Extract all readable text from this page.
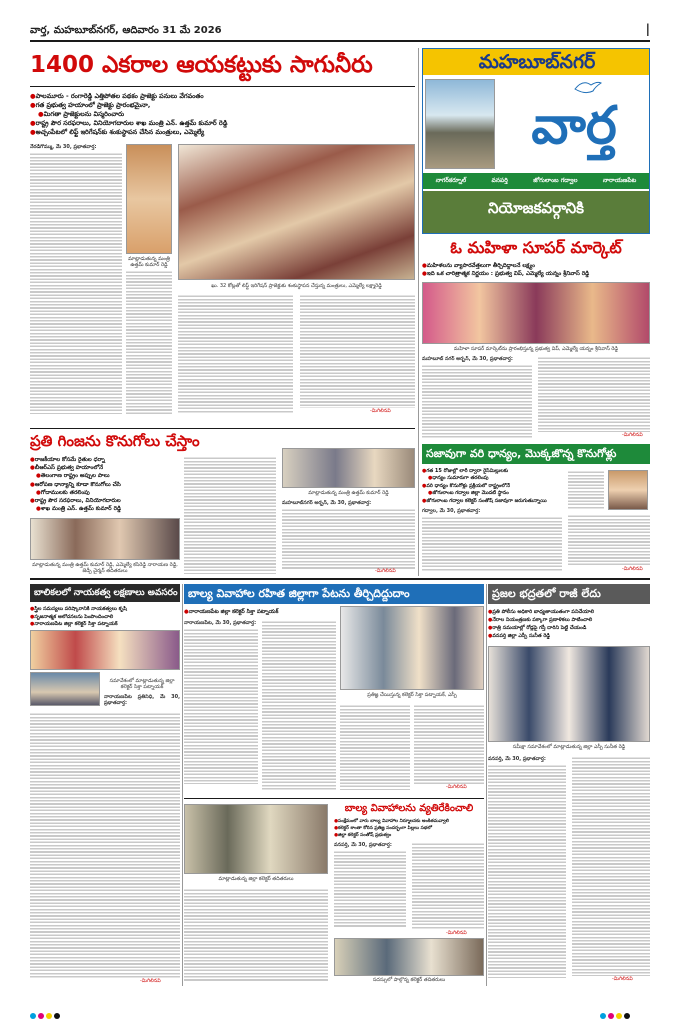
వార్త, మహబూబ్‌నగర్, ఆదివారం 31 మే 2026	|
1400 ఎకరాల ఆయకట్టుకు సాగునీరు
● పాలమూరు - రంగారెడ్డి ఎత్తిపోతల పథకం ప్రాజెక్టు పనులు వేగవంతం
● గత ప్రభుత్వ హయాంలో ప్రాజెక్టు ప్రారంభమైనా,
● మిగతా ప్రాజెక్టులను విస్మరించారు
● రాష్ట్ర పౌర సరఫరాలు, వినియోగదారుల శాఖ మంత్రి ఎన్. ఉత్తమ్ కుమార్ రెడ్డి
● అచ్చంపేటలో లిఫ్ట్ ఇరిగేషన్‌కు శంకుస్థాపన చేసిన మంత్రులు, ఎమ్మెల్యే
నేరడిగొమ్ము, మే 30, ప్రభాతవార్త:
మాట్లాడుతున్న మంత్రి ఉత్తమ్ కుమార్ రెడ్డి
ఖు. 32 కోట్లతో లిఫ్ట్ ఇరిగేషన్ ప్రాజెక్టుకు శంకుస్థాపన చేస్తున్న మంత్రులు, ఎమ్మెల్యే లక్ష్మారెడ్డి
-మిగిలినవి
మహబూబ్‌నగర్
వార్త
నాగర్‌కర్నూల్	వనపర్తి	జోగులాంబ గద్వాల	నారాయణపేట
నియోజకవర్గానికి
ఓ మహిళా సూపర్ మార్కెట్
● మహిళలను వ్యాపారవేత్తలుగా తీర్చిదిద్దాలనే లక్ష్యం
● ఇది ఒక చారిత్రాత్మక నిర్ణయం : ప్రభుత్వ విప్, ఎమ్మెల్యే యన్నం శ్రీనివాస్ రెడ్డి
మహిళా సూపర్ మార్కెట్‌ను ప్రారంభిస్తున్న ప్రభుత్వ విప్, ఎమ్మెల్యే యన్నం శ్రీనివాస్ రెడ్డి
మహబూబ్ నగర్ అర్బన్, మే 30, ప్రభాతవార్త:
-మిగిలినవి
ప్రతి గింజను కొనుగోలు చేస్తాం
● రాజకీయాల కోసమే రైతుల ధర్నా
● బీఆర్ఎస్ ప్రభుత్వ హయాంలోనే
● తెలంగాణ రాష్ట్రం అప్పుల పాలు
● ఆరోపణ ధాన్యాన్ని కూడా కొనుగోలు చేసి
● గోదాములకు తరలింపు
● రాష్ట్ర పౌర సరఫరాలు, వినియోగదారుల
● శాఖ మంత్రి ఎన్. ఉత్తమ్ కుమార్ రెడ్డి
మాట్లాడుతున్న మంత్రి ఉత్తమ్ కుమార్ రెడ్డి, ఎమ్మెల్యే కసిరెడ్డి నారాయణ రెడ్డి, జెడ్పీ చైర్మన్ తదితరులు
మాట్లాడుతున్న మంత్రి ఉత్తమ్ కుమార్ రెడ్డి
మహబూబ్‌నగర్ అర్బన్, మే 30, ప్రభాతవార్త:
-మిగిలినవి
సజావుగా వరి ధాన్యం, మొక్కజొన్న కొనుగోళ్లు
● గత 15 రోజుల్లో లారీ ద్వారా రైస్‌మిల్లులకు
● ధాన్యం సుమారుగా తరలింపు
● వరి ధాన్యం కొనుగోళ్లు ప్రక్రియలో రాష్ట్రంలోనే
● జోగులాంబ గద్వాల జిల్లా మొదటి స్థానం
● జోగులాంబ గద్వాల కలెక్టర్ సంతోష్ సజావుగా జరుగుతున్నాయి
గద్వాల, మే 30, ప్రభాతవార్త:
-మిగిలినవి
బాలికలలో నాయకత్వ లక్షణాలు అవసరం
● స్త్రీల సమస్యలు పరిష్కారానికి నాయకత్వలు కృషి
● సృజనాత్మక ఆలోచనలను పెంపొందించాలి
● నారాయణపేట జిల్లా కలెక్టర్ సిక్తా పట్నాయక్
సమావేశంలో మాట్లాడుతున్న జిల్లా కలెక్టర్ సిక్తా పట్నాయక్
నారాయణపేట ప్రతినిధి, మే 30, ప్రభాతవార్త:
-మిగిలినవి
బాల్య వివాహాల రహిత జిల్లాగా పేటను తీర్చిదిద్దుదాం
● నారాయణపేట జిల్లా కలెక్టర్ సిక్తా పట్నాయక్
నారాయణపేట, మే 30, ప్రభాతవార్త:
ప్రతిజ్ఞ చేయిస్తున్న కలెక్టర్ సిక్తా పట్నాయక్, ఎస్పీ
-మిగిలినవి
మాట్లాడుతున్న జిల్లా కలెక్టర్ తదితరులు
బాల్య వివాహాలను వ్యతిరేకించాలి
● సంక్షేమంలో వారు బాల్య వివాహాల నిర్మూలనకు అంకితమవ్వాలి
● కలెక్టర్ శాంతా కోరిన ప్రతిజ్ఞ సందర్భంగా పిల్లలు సభలో
● జిల్లా కలెక్టర్ సంతోష్ ప్రభుత్వం
వనపర్తి, మే 30, ప్రభాతవార్త:
-మిగిలినవి
సదస్సులో పాల్గొన్న కలెక్టర్ తదితరులు
ప్రజల భద్రతలో రాజీ లేదు
● ప్రతి పోలీసు అధికారి బాధ్యతాయుతంగా పనిచేయాలి
● నేరాల నియంత్రణకు పక్కాగా ప్రణాళికలు పాటించాలి
● రాత్రి సమయాల్లో రోడ్లపై గస్తీ దారిని పెట్టి చేయండి
● వనపర్తి జిల్లా ఎస్పీ సునీత రెడ్డి
సమీక్షా సమావేశంలో మాట్లాడుతున్న జిల్లా ఎస్పీ సునీత రెడ్డి
వనపర్తి, మే 30, ప్రభాతవార్త:
-మిగిలినవి
